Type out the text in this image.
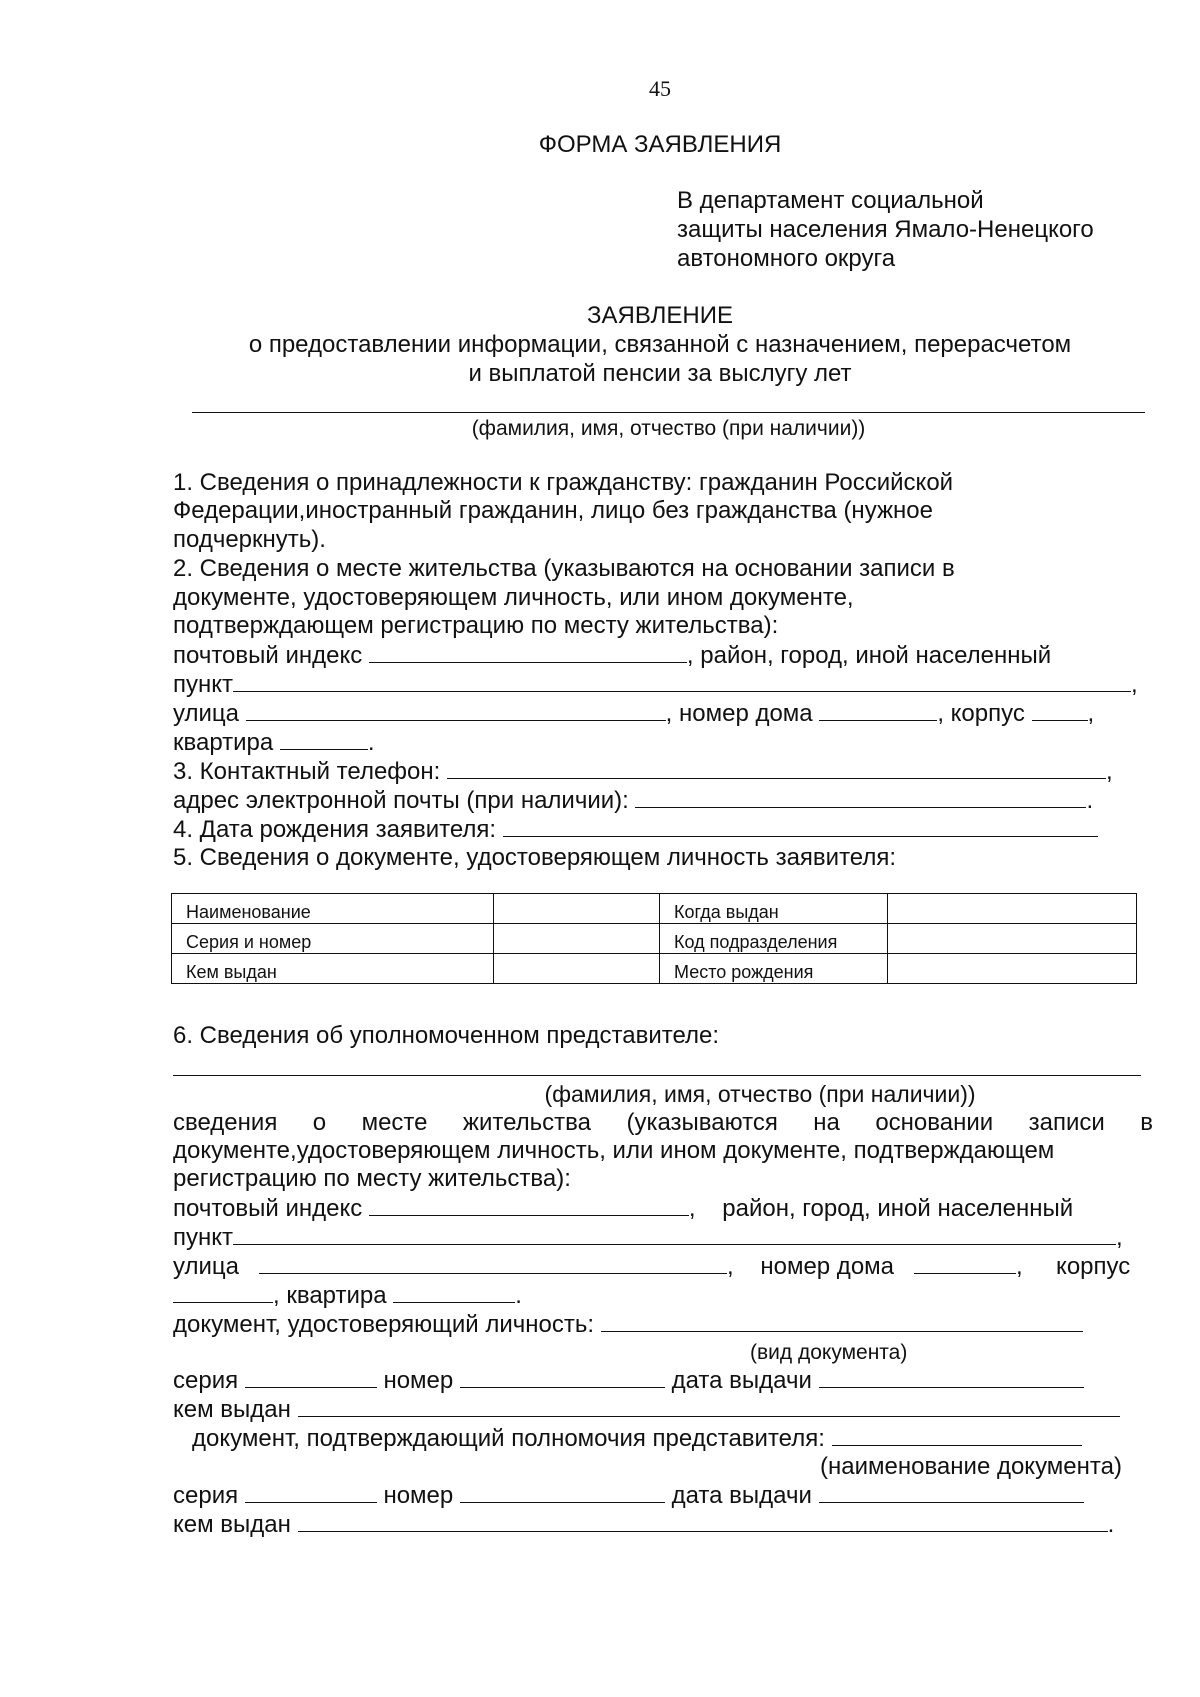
45
ФОРМА ЗАЯВЛЕНИЯ
В департамент социальной
защиты населения Ямало-Ненецкого
автономного округа
ЗАЯВЛЕНИЕ
о предоставлении информации, связанной с назначением, перерасчетом
и выплатой пенсии за выслугу лет
(фамилия, имя, отчество (при наличии))
1. Сведения о принадлежности к гражданству: гражданин Российской
Федерации,иностранный гражданин, лицо без гражданства (нужное
подчеркнуть).
2. Сведения о месте жительства (указываются на основании записи в
документе, удостоверяющем личность, или ином документе,
подтверждающем регистрацию по месту жительства):
почтовый индекс	, район, город, иной населенный
пункт	,
улица	, номер дома	, корпус	,
квартира	.
3. Контактный телефон:	,
адрес электронной почты (при наличии):	.
4. Дата рождения заявителя:
5. Сведения о документе, удостоверяющем личность заявителя:
Наименование		Когда выдан	
Серия и номер		Код подразделения	
Кем выдан		Место рождения	
6. Сведения об уполномоченном представителе:
(фамилия, имя, отчество (при наличии))
сведения о месте жительства (указываются на основании записи в
документе,удостоверяющем личность, или ином документе, подтверждающем
регистрацию по месту жительства):
почтовый индекс	, район, город, иной населенный
пункт	,
улица	, номер дома	, корпус
, квартира	.
документ, удостоверяющий личность:
(вид документа)
серия	номер	дата выдачи
кем выдан
документ, подтверждающий полномочия представителя:
(наименование документа)
серия	номер	дата выдачи
кем выдан	.
